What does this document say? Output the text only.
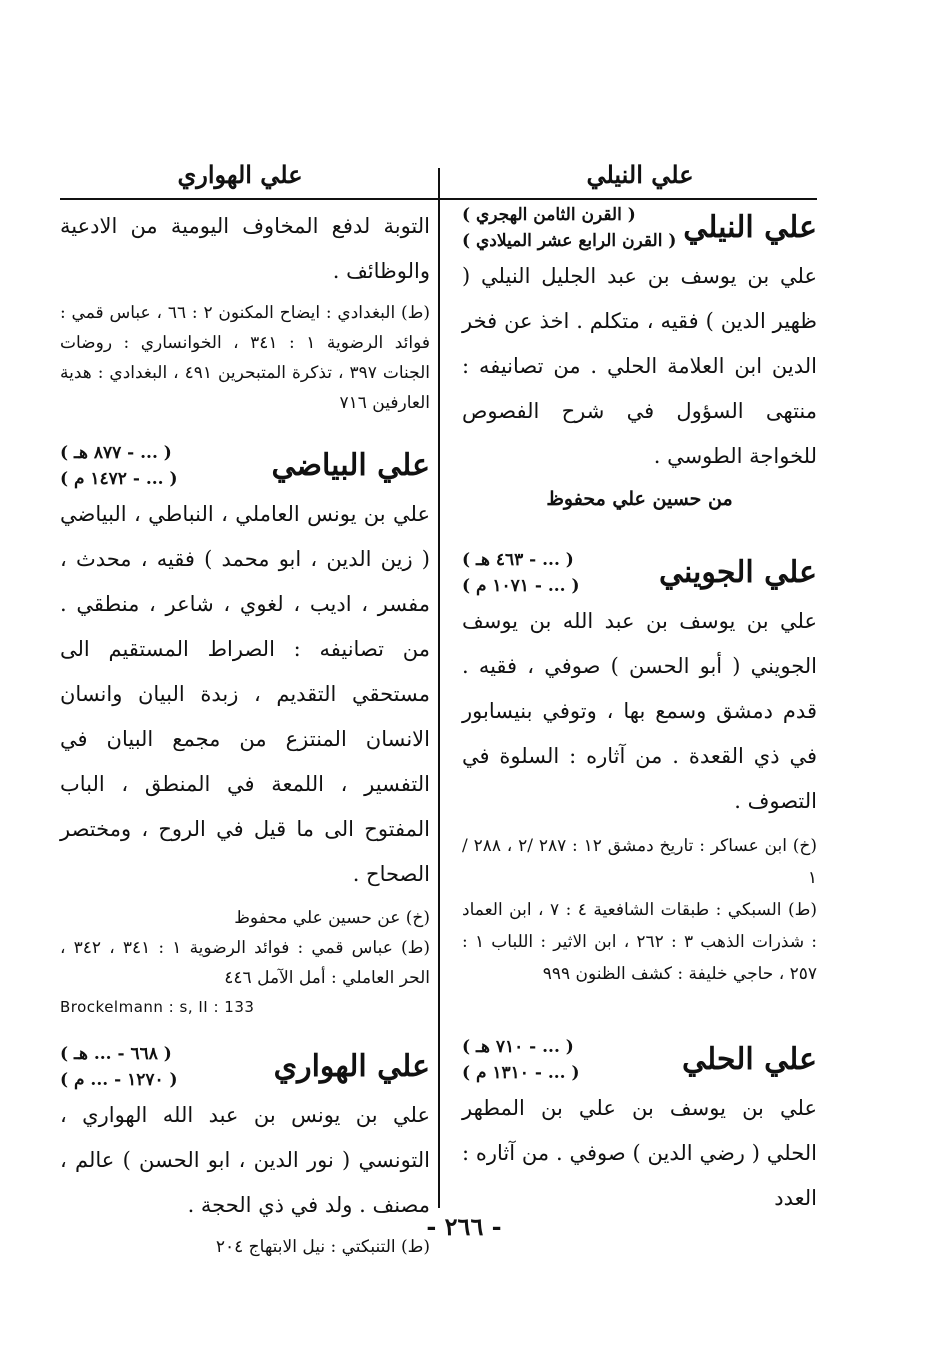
علي النيلي
علي الهواري
علي النيلي
( القرن الثامن الهجري )
( القرن الرابع عشر الميلادي )

علي بن يوسف بن عبد الجليل النيلي ( ظهير الدين ) فقيه ، متكلم . اخذ عن فخر الدين ابن العلامة الحلي . من تصانيفه : منتهى السؤول في شرح الفصوص للخواجة الطوسي .

من حسين علي محفوظ

علي الجويني
( ... - ٤٦٣ هـ )
( ... - ١٠٧١ م )

علي بن يوسف بن عبد الله بن يوسف الجويني ( أبو الحسن ) صوفي ، فقيه . قدم دمشق وسمع بها ، وتوفي بنيسابور في ذي القعدة . من آثاره : السلوة في التصوف .

(خ) ابن عساكر : تاريخ دمشق ١٢ : ٢٨٧ /٢ ، ٢٨٨ /١

(ط) السبكي : طبقات الشافعية ٤ : ٧ ، ابن العماد : شذرات الذهب ٣ : ٢٦٢ ، ابن الاثير : اللباب ١ : ٢٥٧ ، حاجي خليفة : كشف الظنون ٩٩٩

علي الحلي
( ... - ٧١٠ هـ )
( ... - ١٣١٠ م )

علي بن يوسف بن علي بن المطهر الحلي ( رضي الدين ) صوفي . من آثاره : العدد

التوبة لدفع المخاوف اليومية من الادعية والوظائف .

(ط) البغدادي : ايضاح المكنون ٢ : ٦٦ ، عباس قمي : فوائد الرضوية ١ : ٣٤١ ، الخوانساري : روضات الجنات ٣٩٧ ، تذكرة المتبحرين ٤٩١ ، البغدادي : هدية العارفين ٧١٦

علي البياضي
( ... - ٨٧٧ هـ )
( ... - ١٤٧٢ م )

علي بن يونس العاملي ، النباطي ، البياضي ( زين الدين ، ابو محمد ) فقيه ، محدث ، مفسر ، اديب ، لغوي ، شاعر ، منطقي . من تصانيفه : الصراط المستقيم الى مستحقي التقديم ، زبدة البيان وانسان الانسان المنتزع من مجمع البيان في التفسير ، اللمعة في المنطق ، الباب المفتوح الى ما قيل في الروح ، ومختصر الصحاح .

(خ) عن حسين علي محفوظ

(ط) عباس قمي : فوائد الرضوية ١ : ٣٤١ ، ٣٤٢ ، الحر العاملي : أمل الآمل ٤٤٦

Brockelmann : s, II : 133

علي الهواري
( ٦٦٨ - ... هـ )
( ١٢٧٠ - ... م )

علي بن يونس بن عبد الله الهواري ، التونسي ( نور الدين ، ابو الحسن ) عالم ، مصنف . ولد في ذي الحجة .

(ط) التنبكتي : نيل الابتهاج ٢٠٤

- ٢٦٦ -
